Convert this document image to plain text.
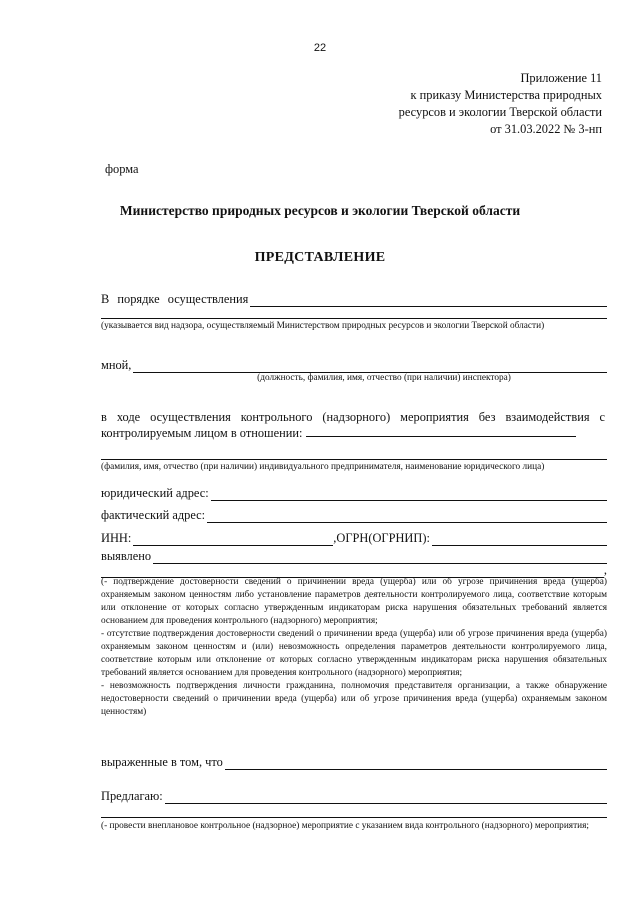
22
Приложение 11
к приказу Министерства природных
ресурсов и экологии Тверской области
от 31.03.2022 № 3-нп
форма
Министерство природных ресурсов и экологии Тверской области
ПРЕДСТАВЛЕНИЕ
В порядке осуществления
(указывается вид надзора, осуществляемый Министерством природных ресурсов и экологии Тверской области)
мной,
(должность, фамилия, имя, отчество (при наличии) инспектора)
в ходе осуществления контрольного (надзорного) мероприятия без взаимодействия с контролируемым лицом в отношении:
(фамилия, имя, отчество (при наличии) индивидуального предпринимателя, наименование юридического лица)
юридический адрес:
фактический адрес:
ИНН:	,ОГРН(ОГРНИП):
выявлено
,
(- подтверждение достоверности сведений о причинении вреда (ущерба) или об угрозе причинения вреда (ущерба) охраняемым законом ценностям либо установление параметров деятельности контролируемого лица, соответствие которым или отклонение от которых согласно утвержденным индикаторам риска нарушения обязательных требований является основанием для проведения контрольного (надзорного) мероприятия;
- отсутствие подтверждения достоверности сведений о причинении вреда (ущерба) или об угрозе причинения вреда (ущерба) охраняемым законом ценностям и (или) невозможность определения параметров деятельности контролируемого лица, соответствие которым или отклонение от которых согласно утвержденным индикаторам риска нарушения обязательных требований является основанием для проведения контрольного (надзорного) мероприятия;
- невозможность подтверждения личности гражданина, полномочия представителя организации, а также обнаружение недостоверности сведений о причинении вреда (ущерба) или об угрозе причинения вреда (ущерба) охраняемым законом ценностям)
выраженные в том, что
Предлагаю:
(- провести внеплановое контрольное (надзорное) мероприятие с указанием вида контрольного (надзорного) мероприятия;
